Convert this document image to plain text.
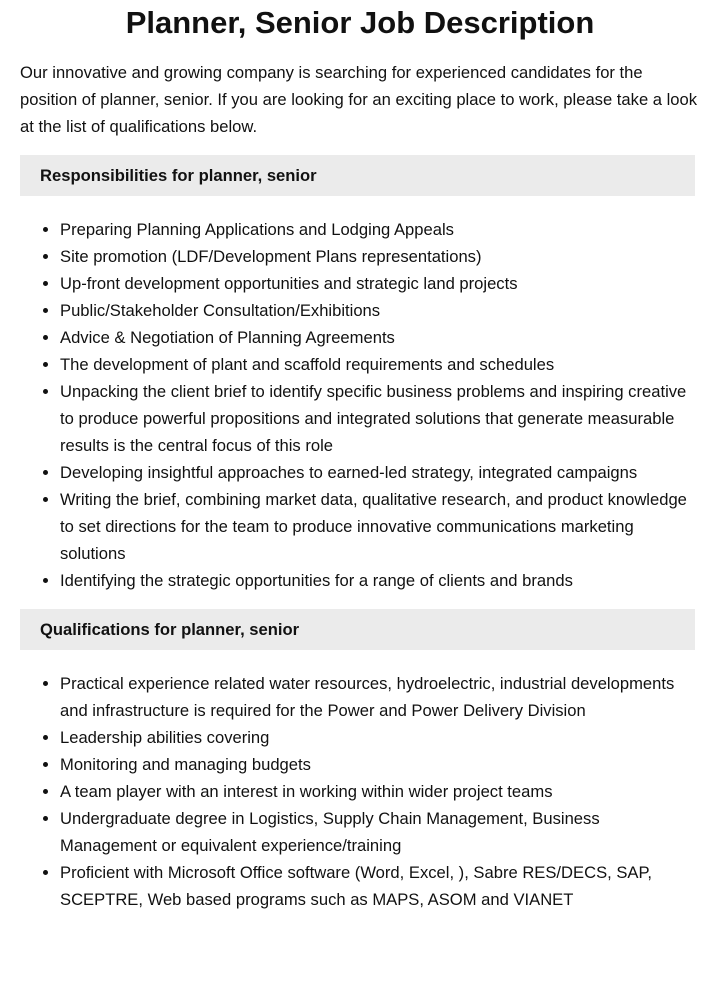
Planner, Senior Job Description

Our innovative and growing company is searching for experienced candidates for the position of planner, senior. If you are looking for an exciting place to work, please take a look at the list of qualifications below.

Responsibilities for planner, senior
• Preparing Planning Applications and Lodging Appeals
• Site promotion (LDF/Development Plans representations)
• Up-front development opportunities and strategic land projects
• Public/Stakeholder Consultation/Exhibitions
• Advice & Negotiation of Planning Agreements
• The development of plant and scaffold requirements and schedules
• Unpacking the client brief to identify specific business problems and inspiring creative to produce powerful propositions and integrated solutions that generate measurable results is the central focus of this role
• Developing insightful approaches to earned-led strategy, integrated campaigns
• Writing the brief, combining market data, qualitative research, and product knowledge to set directions for the team to produce innovative communications marketing solutions
• Identifying the strategic opportunities for a range of clients and brands
Qualifications for planner, senior
• Practical experience related water resources, hydroelectric, industrial developments and infrastructure is required for the Power and Power Delivery Division
• Leadership abilities covering
• Monitoring and managing budgets
• A team player with an interest in working within wider project teams
• Undergraduate degree in Logistics, Supply Chain Management, Business Management or equivalent experience/training
• Proficient with Microsoft Office software (Word, Excel, ), Sabre RES/DECS, SAP, SCEPTRE, Web based programs such as MAPS, ASOM and VIANET
